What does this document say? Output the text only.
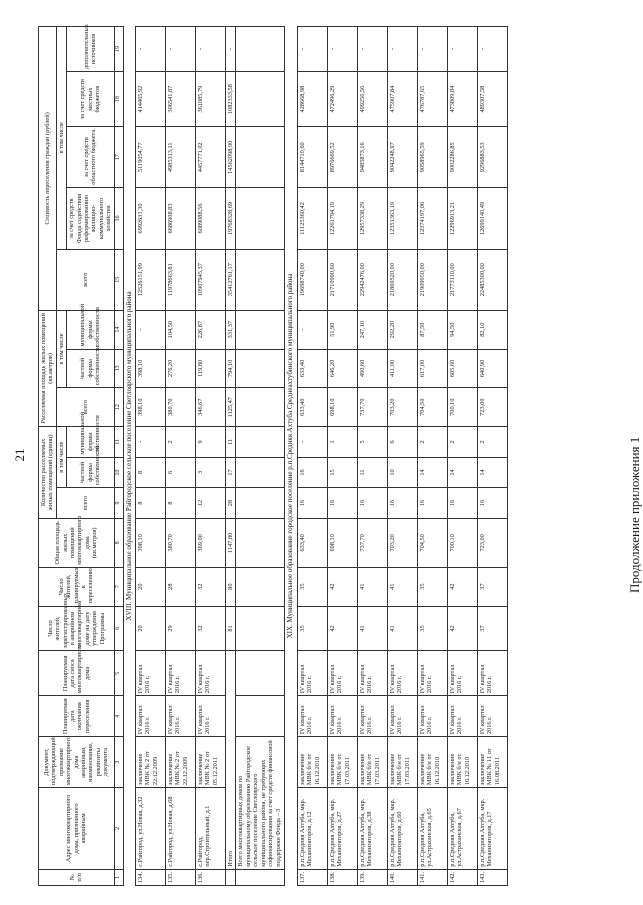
21	Продолжение приложения 1
№ п/п	Адрес многоквартирного дома, признанного аварийным	Документ, подтверждающий признание многоквартирного дома аварийным, наименование, реквизиты документа	Планируемая дата окончания переселения	Планируемая дата сноса многоквартирного дома	Число жителей, зарегистрированных в аварийном многоквартирном доме на дату утверждения Программы	Число жителей, планируемых к переселению	Общая площадь жилых помещений многоквартирного дома (кв.метров)	Количество расселяемых жилых помещений (единиц)			Расселяемая площадь жилых помещений (кв.метров)			Стоимость переселения граждан (рублей)				
								всего	в том числе		всего	в том числе		всего	в том числе			
									частной формы собственности	муниципальной формы собственности		частной формы собственности	муниципальной формы собственности		за счет средств Фонда содействия реформированию жилищно-коммунального хозяйства	за счет средств областного бюджета	за счет средств местных бюджетов	дополнительных источников
1	2	3	4	5	6	7	8	9	10	11	12	13	14	15	16	17	18	19
XVIII. Муниципальное образование Райгородское сельское поселение Светлоярского муниципального района																		
134.	с.Райгород, ул.Новая, д.32	заключение МВК № 2 от 22.12.2009	IV квартал 2016 г.	IV квартал 2016 г.	20	20	398,10	8	8	-	398,10	398,10	-	12526151,99	6992631,30	5119054,77	414465,92	-
135.	с.Райгород, ул.Новая, д.68	заключение МВК № 2 от 22.12.2009	IV квартал 2016 г.	IV квартал 2016 г.	29	28	380,70	8	6	2	380,70	276,20	104,50	11978663,81	6686908,83	4985313,11	306541,87	-
136.	с.Райгород, пер.Строительный, д.1	заключение МВК № 2 от 05.12.2011	IV квартал 2016 г.	IV квартал 2016 г.	32	32	369,00	12	3	9	346,67	119,80	226,87	10907945,37	6089088,56	4457771,02	361085,79	-
	Итого				81	80	1147,80	28	17	11	1125,47	794,10	331,37	35412761,17	19768328,69	14562098,90	1082333,58	-
	Всего многоквартирных домов по муниципальному образованию Райгородское сельское поселение Светлоярского муниципального района, не требующих софинансирования за счет средств финансовой поддержки Фонда – 3																	
XIX. Муниципальное образование городское поселение р.п.Средняя Ахтуба Среднеахтубинского муниципального района																		
137.	р.п.Средняя Ахтуба, мкр. Механизаторов, д.12	заключение МВК б/н от 16.12.2010	IV квартал 2016 г.	IV квартал 2016 г.	35	35	633,40	16	16	-	633,40	633,40	-	19698740,00	11125360,42	8144710,60	428668,98	-
138.	р.п.Средняя Ахтуба, мкр. Механизаторов, д.27	заключение МВК б/н от 17.03.2011	IV квартал 2016 г.	IV квартал 2016 г.	42	42	698,10	16	15	1	698,10	646,20	51,90	21710990,60	12261794,19	8976669,52	472496,29	-
139.	р.п.Средняя Ахтуба, мкр. Механизаторов, д.38	заключение МВК б/н от 17.03.2011	IV квартал 2016 г.	IV квартал 2016 г.	41	41	737,70	16	11	5	737,70	490,60	247,10	22942476,00	12957338,29	9485873,16	499256,56	-
140.	р.п.Средняя Ахтуба, мкр. Механизаторов, д.60	заключение МВК б/н от 17.03.2011	IV квартал 2016 г.	IV квартал 2016 г.	41	41	703,20	16	10	6	703,20	411,00	292,20	21869520,00	12351363,19	9042248,97	475907,84	-
141.	р.п.Средняя Ахтуба, ул.Астраханская, д.65	заключение МВК б/н от 16.12.2010	IV квартал 2016 г.	IV квартал 2016 г.	35	35	704,50	16	14	2	704,50	617,00	87,50	21909950,00	12374197,06	9058965,59	476787,65	-
142.	р.п.Средняя Ахтуба, ул.Астраханская, д.67	заключение МВК б/н от 16.12.2010	IV квартал 2016 г.	IV квартал 2016 г.	42	42	700,10	16	14	2	700,10	605,60	94,50	21773110,00	12296913,21	9002286,85	473809,84	-
143.	р.п.Средняя Ахтуба, мкр. Механизаторов, д.17	заключение МВК № 11 от 16.08.2011	IV квартал 2016 г.	IV квартал 2016 г.	37	37	723,00	16	14	2	723,00	640,90	82,10	22485300,00	12699140,49	9296883,53	489307,58	-
